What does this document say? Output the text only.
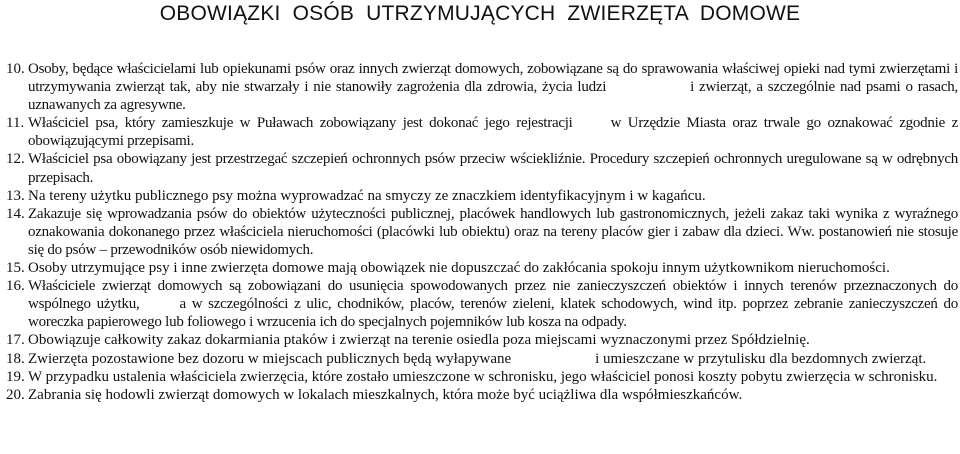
OBOWIĄZKI OSÓB UTRZYMUJĄCYCH ZWIERZĘTA DOMOWE
10. Osoby, będące właścicielami lub opiekunami psów oraz innych zwierząt domowych, zobowiązane są do sprawowania właściwej opieki nad tymi zwierzętami i utrzymywania zwierząt tak, aby nie stwarzały i nie stanowiły zagrożenia dla zdrowia, życia ludzi	i zwierząt, a szczególnie nad psami o rasach, uznawanych za agresywne.
11. Właściciel psa, który zamieszkuje w Puławach zobowiązany jest dokonać jego rejestracji	w Urzędzie Miasta oraz trwale go oznakować zgodnie z obowiązującymi przepisami.
12. Właściciel psa obowiązany jest przestrzegać szczepień ochronnych psów przeciw wściekliźnie. Procedury szczepień ochronnych uregulowane są w odrębnych przepisach.
13. Na tereny użytku publicznego psy można wyprowadzać na smyczy ze znaczkiem identyfikacyjnym i w kagańcu.
14. Zakazuje się wprowadzania psów do obiektów użyteczności publicznej, placówek handlowych lub gastronomicznych, jeżeli zakaz taki wynika z wyraźnego oznakowania dokonanego przez właściciela nieruchomości (placówki lub obiektu) oraz na tereny placów gier i zabaw dla dzieci. Ww. postanowień nie stosuje się do psów – przewodników osób niewidomych.
15. Osoby utrzymujące psy i inne zwierzęta domowe mają obowiązek nie dopuszczać do zakłócania spokoju innym użytkownikom nieruchomości.
16. Właściciele zwierząt domowych są zobowiązani do usunięcia spowodowanych przez nie zanieczyszczeń obiektów i innych terenów przeznaczonych do wspólnego użytku,	a w szczególności z ulic, chodników, placów, terenów zieleni, klatek schodowych, wind itp. poprzez zebranie zanieczyszczeń do woreczka papierowego lub foliowego i wrzucenia ich do specjalnych pojemników lub kosza na odpady.
17. Obowiązuje całkowity zakaz dokarmiania ptaków i zwierząt na terenie osiedla poza miejscami wyznaczonymi przez Spółdzielnię.
18. Zwierzęta pozostawione bez dozoru w miejscach publicznych będą wyłapywane	i umieszczane w przytulisku dla bezdomnych zwierząt.
19. W przypadku ustalenia właściciela zwierzęcia, które zostało umieszczone w schronisku, jego właściciel ponosi koszty pobytu zwierzęcia w schronisku.
20. Zabrania się hodowli zwierząt domowych w lokalach mieszkalnych, która może być uciążliwa dla współmieszkańców.
